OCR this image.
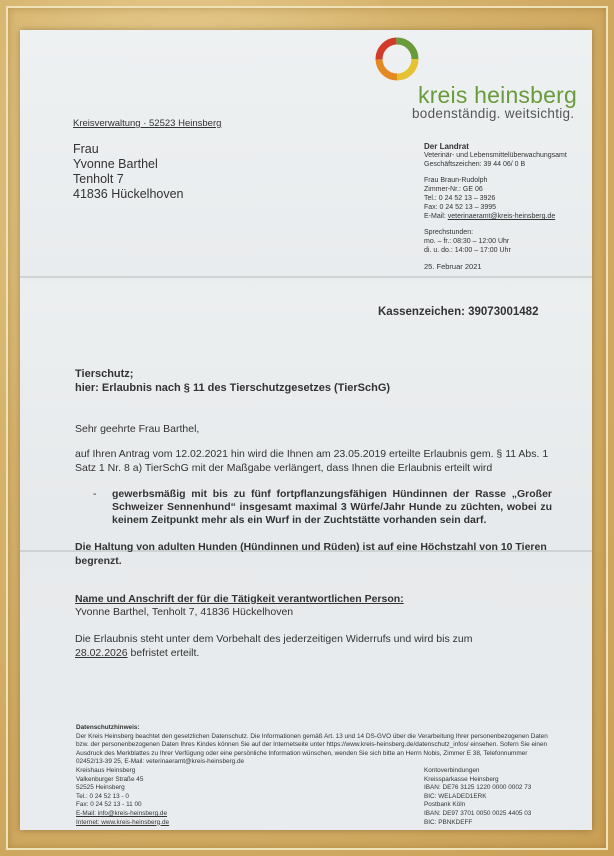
kreis heinsberg
bodenständig. weitsichtig.
Kreisverwaltung · 52523 Heinsberg
Frau
Yvonne Barthel
Tenholt 7
41836 Hückelhoven
Der Landrat
Veterinär- und Lebensmittelüberwachungsamt
Geschäftszeichen: 39 44 06/ 0 B
Frau Braun-Rudolph
Zimmer-Nr.: GE 06
Tel.: 0 24 52 13 – 3926
Fax: 0 24 52 13 – 3995
E-Mail: veterinaeramt@kreis-heinsberg.de
Sprechstunden:
mo. – fr.: 08:30 – 12:00 Uhr
di. u. do.: 14:00 – 17:00 Uhr
25. Februar 2021
Kassenzeichen: 39073001482
Tierschutz;
hier: Erlaubnis nach § 11 des Tierschutzgesetzes (TierSchG)
Sehr geehrte Frau Barthel,
auf Ihren Antrag vom 12.02.2021 hin wird die Ihnen am 23.05.2019 erteilte Erlaubnis gem. § 11 Abs. 1 Satz 1 Nr. 8 a) TierSchG mit der Maßgabe verlängert, dass Ihnen die Erlaubnis erteilt wird
- gewerbsmäßig mit bis zu fünf fortpflanzungsfähigen Hündinnen der Rasse „Großer Schweizer Sennenhund“ insgesamt maximal 3 Würfe/Jahr Hunde zu züchten, wobei zu keinem Zeitpunkt mehr als ein Wurf in der Zuchtstätte vorhanden sein darf.
Die Haltung von adulten Hunden (Hündinnen und Rüden) ist auf eine Höchstzahl von 10 Tieren begrenzt.
Name und Anschrift der für die Tätigkeit verantwortlichen Person:
Yvonne Barthel, Tenholt 7, 41836 Hückelhoven
Die Erlaubnis steht unter dem Vorbehalt des jederzeitigen Widerrufs und wird bis zum
28.02.2026 befristet erteilt.
Datenschutzhinweis:
Der Kreis Heinsberg beachtet den gesetzlichen Datenschutz. Die Informationen gemäß Art. 13 und 14 DS-GVO über die Verarbeitung Ihrer personenbezogenen Daten bzw. der personenbezogenen Daten Ihres Kindes können Sie auf der Internetseite unter https://www.kreis-heinsberg.de/datenschutz_infos/ einsehen. Sofern Sie einen Ausdruck des Merkblattes zu Ihrer Verfügung oder eine persönliche Information wünschen, wenden Sie sich bitte an Herrn Nobis, Zimmer E 38, Telefonnummer 02452/13-39 25, E-Mail: veterinaeramt@kreis-heinsberg.de
Kreishaus Heinsberg
Valkenburger Straße 45
52525 Heinsberg
Tel.: 0 24 52 13 - 0
Fax: 0 24 52 13 - 11 00
E-Mail: info@kreis-heinsberg.de
Internet: www.kreis-heinsberg.de
Kontoverbindungen
Kreissparkasse Heinsberg
IBAN: DE76 3125 1220 0000 0002 73
BIC: WELADED1ERK
Postbank Köln
IBAN: DE97 3701 0050 0025 4405 03
BIC: PBNKDEFF
